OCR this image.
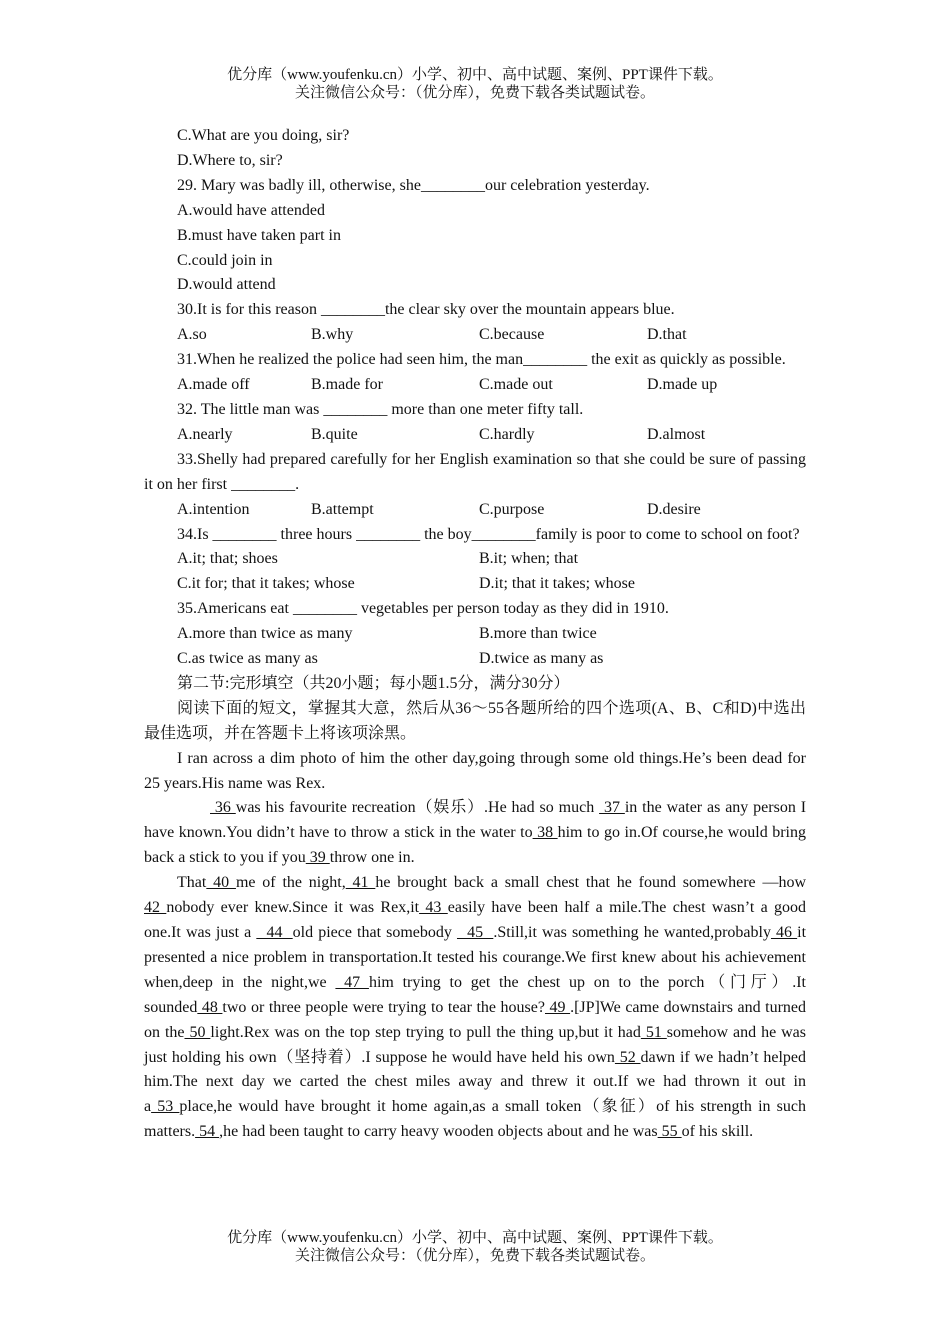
优分库（www.youfenku.cn）小学、初中、高中试题、案例、PPT课件下载。
关注微信公众号：（优分库），免费下载各类试题试卷。

C.What are you doing, sir?

D.Where to, sir?

29. Mary was badly ill, otherwise, she________our celebration yesterday.

A.would have attended

B.must have taken part in

C.could join in

D.would attend

30.It is for this reason ________the clear sky over the mountain appears blue.

A.so	B.why	C.because	D.that

31.When he realized the police had seen him, the man________ the exit as quickly as possible.

A.made off	B.made for	C.made out	D.made up

32. The little man was ________ more than one meter fifty tall.

A.nearly	B.quite	C.hardly	D.almost

33.Shelly had prepared carefully for her English examination so that she could be sure of passing it on her first ________.

A.intention	B.attempt	C.purpose	D.desire

34.Is ________ three hours ________ the boy________family is poor to come to school on foot?

A.it; that; shoes	B.it; when; that
C.it for; that it takes; whose	D.it; that it takes; whose

35.Americans eat ________ vegetables per person today as they did in 1910.

A.more than twice as many	B.more than twice
C.as twice as many as	D.twice as many as

第二节:完形填空（共20小题；每小题1.5分，满分30分）

阅读下面的短文，掌握其大意，然后从36～55各题所给的四个选项(A、B、C和D)中选出最佳选项，并在答题卡上将该项涂黑。

I ran across a dim photo of him the other day,going through some old things.He’s been dead for 25 years.His name was Rex.

36 was his favourite recreation（娱乐）.He had so much  37 in the water as any person I have known.You didn’t have to throw a stick in the water to 38 him to go in.Of course,he would bring back a stick to you if you 39 throw one in.

That 40 me of the night, 41 he brought back a small chest that he found somewhere —how 42 nobody ever knew.Since it was Rex,it 43 easily have been half a mile.The chest wasn’t a good one.It was just a   44  old piece that somebody   45  .Still,it was something he wanted,probably 46 it presented a nice problem in transportation.It tested his courange.We first knew about his achievement when,deep in the night,we  47 him trying to get the chest up on to the porch（门厅）.It sounded 48 two or three people were trying to tear the house? 49 .[JP]We came downstairs and turned on the 50 light.Rex was on the top step trying to pull the thing up,but it had 51 somehow and he was just holding his own（坚持着）.I suppose he would have held his own 52 dawn if we hadn’t helped him.The next day we carted the chest miles away and threw it out.If we had thrown it out in a 53 place,he would have brought it home again,as a small token（象征）of his strength in such matters. 54 ,he had been taught to carry heavy wooden objects about and he was 55 of his skill.

优分库（www.youfenku.cn）小学、初中、高中试题、案例、PPT课件下载。
关注微信公众号：（优分库），免费下载各类试题试卷。
